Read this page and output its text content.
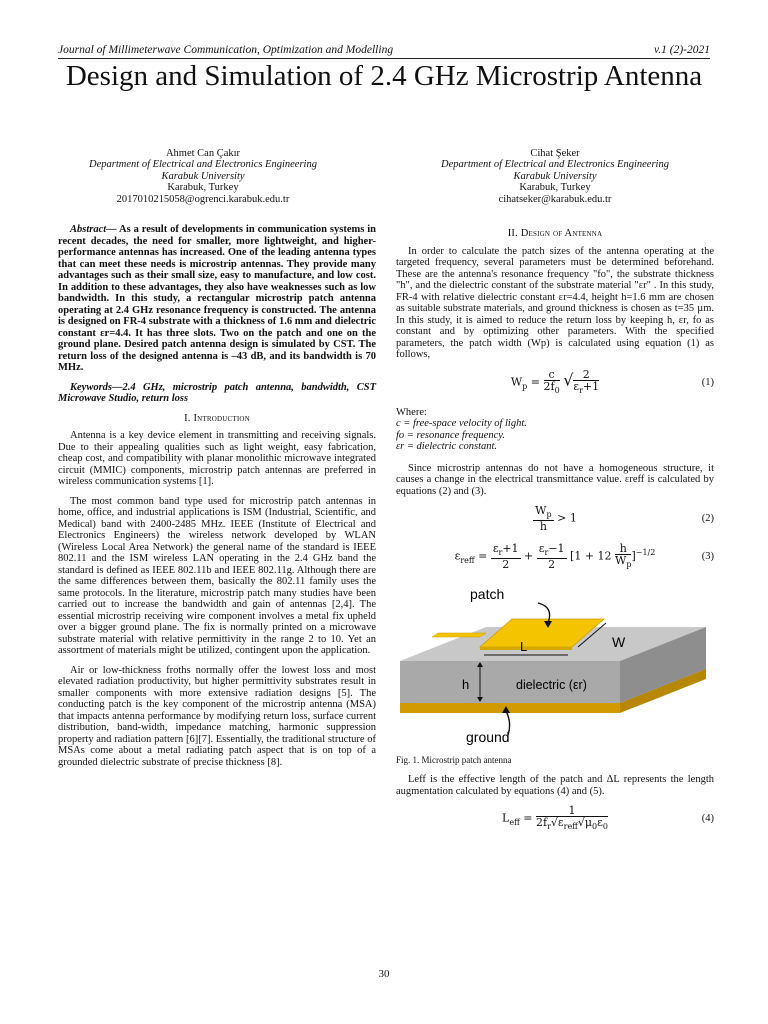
Journal of Millimeterwave Communication, Optimization and Modelling	v.1 (2)-2021
Design and Simulation of 2.4 GHz Microstrip Antenna
Ahmet Can Çakır
Department of Electrical and Electronics Engineering
Karabuk University
Karabuk, Turkey
2017010215058@ogrenci.karabuk.edu.tr
Cihat Şeker
Department of Electrical and Electronics Engineering
Karabuk University
Karabuk, Turkey
cihatseker@karabuk.edu.tr

Abstract— As a result of developments in communication systems in recent decades, the need for smaller, more lightweight, and higher-performance antennas has increased. One of the leading antenna types that can meet these needs is microstrip antennas. They provide many advantages such as their small size, easy to manufacture, and low cost. In addition to these advantages, they also have weaknesses such as low bandwidth. In this study, a rectangular microstrip patch antenna operating at 2.4 GHz resonance frequency is constructed. The antenna is designed on FR-4 substrate with a thickness of 1.6 mm and dielectric constant εr=4.4. It has three slots. Two on the patch and one on the ground plane. Desired patch antenna design is simulated by CST. The return loss of the designed antenna is –43 dB, and its bandwidth is 70 MHz.

Keywords—2.4 GHz, microstrip patch antenna, bandwidth, CST Microwave Studio, return loss

I. Introduction

Antenna is a key device element in transmitting and receiving signals. Due to their appealing qualities such as light weight, easy fabrication, cheap cost, and compatibility with planar monolithic microwave integrated circuit (MMIC) components, microstrip patch antennas are preferred in wireless communication systems [1].

The most common band type used for microstrip patch antennas in home, office, and industrial applications is ISM (Industrial, Scientific, and Medical) band with 2400-2485 MHz. IEEE (Institute of Electrical and Electronics Engineers) the wireless network developed by WLAN (Wireless Local Area Network) the general name of the standard is IEEE 802.11 and the ISM wireless LAN operating in the 2.4 GHz band the standard is defined as IEEE 802.11b and IEEE 802.11g. Although there are the same differences between them, basically the 802.11 family uses the same protocols. In the literature, microstrip patch many studies have been carried out to increase the bandwidth and gain of antennas [2,4]. The essential microstrip receiving wire component involves a metal fix upheld over a bigger ground plane. The fix is normally printed on a microwave substrate material with relative permittivity in the range 2 to 10. Yet an assortment of materials might be utilized, contingent upon the application.

Air or low-thickness froths normally offer the lowest loss and most elevated radiation productivity, but higher permittivity substrates result in smaller components with more extensive radiation designs [5]. The conducting patch is the key component of the microstrip antenna (MSA) that impacts antenna performance by modifying return loss, surface current distribution, band-width, impedance matching, harmonic suppression property and radiation pattern [6][7]. Essentially, the traditional structure of MSAs come about a metal radiating patch aspect that is on top of a grounded dielectric substrate of precise thickness [8].

II. Design of Antenna

In order to calculate the patch sizes of the antenna operating at the targeted frequency, several parameters must be determined beforehand. These are the antenna's resonance frequency "fo", the substrate thickness "h", and the dielectric constant of the substrate material "εr" . In this study, FR-4 with relative dielectric constant εr=4.4, height h=1.6 mm are chosen as suitable substrate materials, and ground thickness is chosen as t=35 µm. In this study, it is aimed to reduce the return loss by keeping h, εr, fo as constant and by optimizing other parameters. With the specified parameters, the patch width (Wp) is calculated using equation (1) as follows,

$W_p = \frac{c}{2f_0}$ √ $\frac{2}{\varepsilon_r+1}$	(1)

Where:

c = free-space velocity of light.

fo = resonance frequency.

εr = dielectric constant.

Since microstrip antennas do not have a homogeneous structure, it causes a change in the electrical transmittance value. εreff is calculated by equations (2) and (3).

$\frac{W_p}{h} > 1$	(2)
$\varepsilon_{reff} = \frac{\varepsilon_r+1}{2} + \frac{\varepsilon_r-1}{2} [1 + 12 \frac{h}{W_p} ]^{-1/2}$	(3)
patch
L	W
h	dielectric (εr)
ground
Fig. 1. Microstrip patch antenna

Leff is the effective length of the patch and ΔL represents the length augmentation calculated by equations (4) and (5).

$L_{eff} = \frac{1}{2f_r√\varepsilon_{reff}√\mu_0\varepsilon_0}$	(4)
30
